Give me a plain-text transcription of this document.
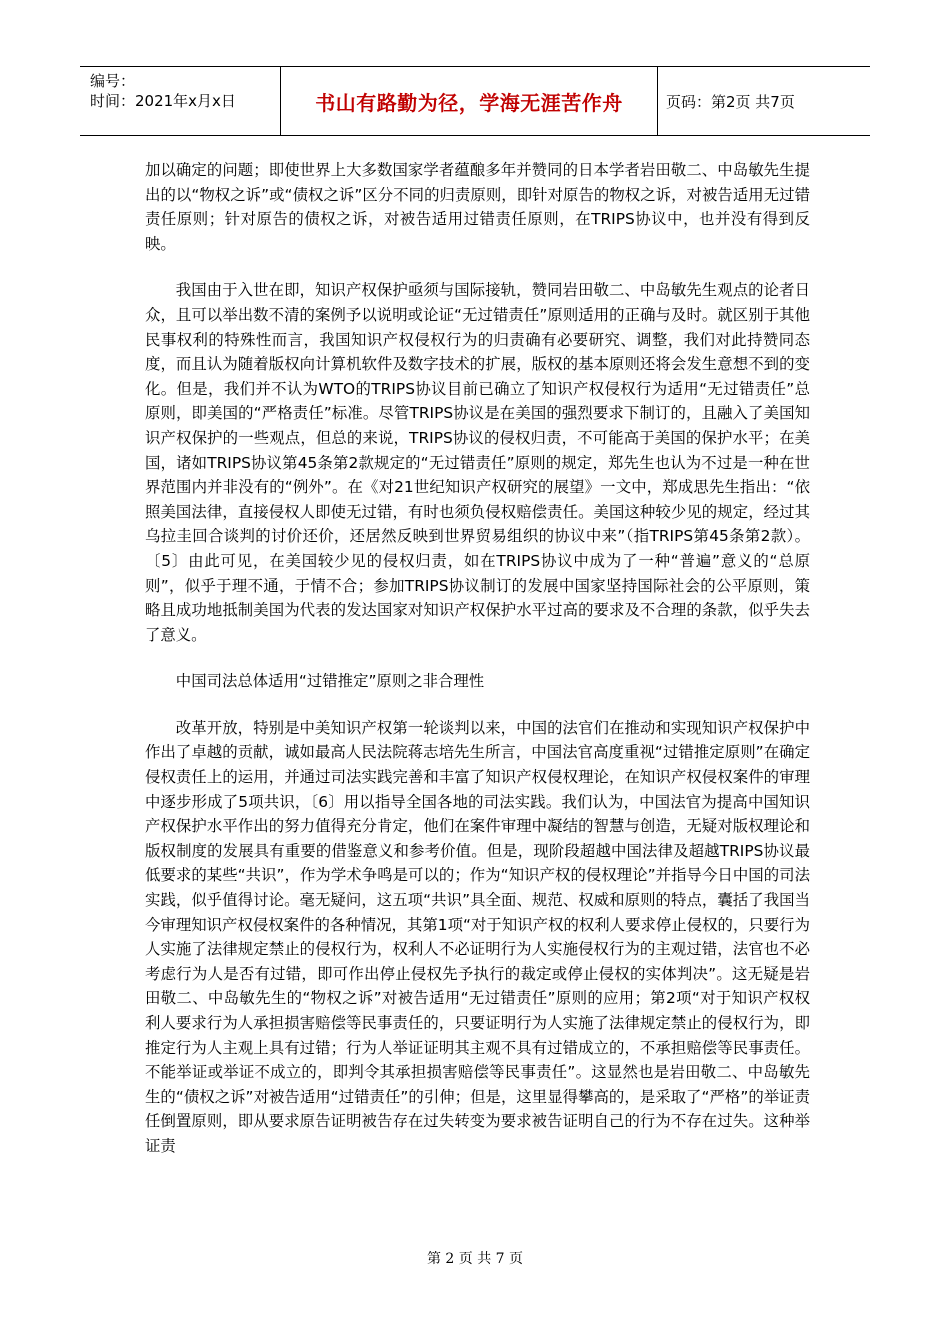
编号：
时间：2021年x月x日	书山有路勤为径，学海无涯苦作舟	页码：第2页 共7页

加以确定的问题；即使世界上大多数国家学者蕴酿多年并赞同的日本学者岩田敬二、中岛敏先生提出的以“物权之诉”或“债权之诉”区分不同的归责原则，即针对原告的物权之诉，对被告适用无过错责任原则；针对原告的债权之诉，对被告适用过错责任原则，在TRIPS协议中，也并没有得到反映。

我国由于入世在即，知识产权保护亟须与国际接轨，赞同岩田敬二、中岛敏先生观点的论者日众，且可以举出数不清的案例予以说明或论证“无过错责任”原则适用的正确与及时。就区别于其他民事权利的特殊性而言，我国知识产权侵权行为的归责确有必要研究、调整，我们对此持赞同态度，而且认为随着版权向计算机软件及数字技术的扩展，版权的基本原则还将会发生意想不到的变化。但是，我们并不认为WTO的TRIPS协议目前已确立了知识产权侵权行为适用“无过错责任”总原则，即美国的“严格责任”标准。尽管TRIPS协议是在美国的强烈要求下制订的，且融入了美国知识产权保护的一些观点，但总的来说，TRIPS协议的侵权归责，不可能高于美国的保护水平；在美国，诸如TRIPS协议第45条第2款规定的“无过错责任”原则的规定，郑先生也认为不过是一种在世界范围内并非没有的“例外”。在《对21世纪知识产权研究的展望》一文中，郑成思先生指出：“依照美国法律，直接侵权人即使无过错，有时也须负侵权赔偿责任。美国这种较少见的规定，经过其乌拉圭回合谈判的讨价还价，还居然反映到世界贸易组织的协议中来”（指TRIPS第45条第2款）。〔5〕由此可见，在美国较少见的侵权归责，如在TRIPS协议中成为了一种“普遍”意义的“总原则”，似乎于理不通，于情不合；参加TRIPS协议制订的发展中国家坚持国际社会的公平原则，策略且成功地抵制美国为代表的发达国家对知识产权保护水平过高的要求及不合理的条款，似乎失去了意义。

中国司法总体适用“过错推定”原则之非合理性

改革开放，特别是中美知识产权第一轮谈判以来，中国的法官们在推动和实现知识产权保护中作出了卓越的贡献，诚如最高人民法院蒋志培先生所言，中国法官高度重视“过错推定原则”在确定侵权责任上的运用，并通过司法实践完善和丰富了知识产权侵权理论，在知识产权侵权案件的审理中逐步形成了5项共识，〔6〕用以指导全国各地的司法实践。我们认为，中国法官为提高中国知识产权保护水平作出的努力值得充分肯定，他们在案件审理中凝结的智慧与创造，无疑对版权理论和版权制度的发展具有重要的借鉴意义和参考价值。但是，现阶段超越中国法律及超越TRIPS协议最低要求的某些“共识”，作为学术争鸣是可以的；作为“知识产权的侵权理论”并指导今日中国的司法实践，似乎值得讨论。毫无疑问，这五项“共识”具全面、规范、权威和原则的特点，囊括了我国当今审理知识产权侵权案件的各种情况，其第1项“对于知识产权的权利人要求停止侵权的，只要行为人实施了法律规定禁止的侵权行为，权利人不必证明行为人实施侵权行为的主观过错，法官也不必考虑行为人是否有过错，即可作出停止侵权先予执行的裁定或停止侵权的实体判决”。这无疑是岩田敬二、中岛敏先生的“物权之诉”对被告适用“无过错责任”原则的应用；第2项“对于知识产权权利人要求行为人承担损害赔偿等民事责任的，只要证明行为人实施了法律规定禁止的侵权行为，即推定行为人主观上具有过错；行为人举证证明其主观不具有过错成立的，不承担赔偿等民事责任。不能举证或举证不成立的，即判令其承担损害赔偿等民事责任”。这显然也是岩田敬二、中岛敏先生的“债权之诉”对被告适用“过错责任”的引伸；但是，这里显得攀高的，是采取了“严格”的举证责任倒置原则，即从要求原告证明被告存在过失转变为要求被告证明自己的行为不存在过失。这种举证责

第 2 页 共 7 页
